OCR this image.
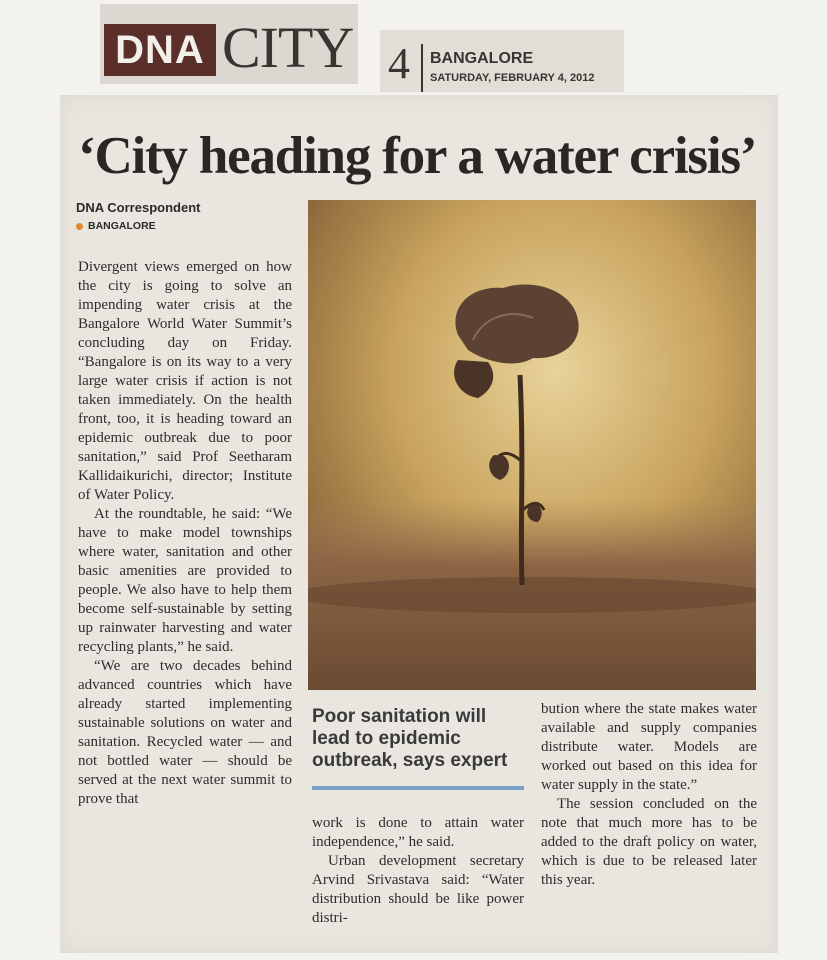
DNA CITY 4 BANGALORE
SATURDAY, FEBRUARY 4, 2012
‘City heading for a water crisis’
DNA Correspondent
BANGALORE

Divergent views emerged on how the city is going to solve an impending water crisis at the Bangalore World Water Summit’s concluding day on Friday. “Bangalore is on its way to a very large water crisis if action is not taken immediately. On the health front, too, it is heading toward an epidemic outbreak due to poor sanitation,” said Prof Seetharam Kallidaikurichi, director; Institute of Water Policy.

At the roundtable, he said: “We have to make model townships where water, sanitation and other basic amenities are provided to people. We also have to help them become self-sustainable by setting up rainwater harvesting and water recycling plants,” he said.

“We are two decades behind advanced countries which have already started implementing sustainable solutions on water and sanitation. Recycled water — and not bottled water — should be served at the next water summit to prove that

Poor sanitation will lead to epidemic outbreak, says expert

work is done to attain water independence,” he said.

Urban development secretary Arvind Srivastava said: “Water distribution should be like power distri-

bution where the state makes water available and supply companies distribute water. Models are worked out based on this idea for water supply in the state.”

The session concluded on the note that much more has to be added to the draft policy on water, which is due to be released later this year.
